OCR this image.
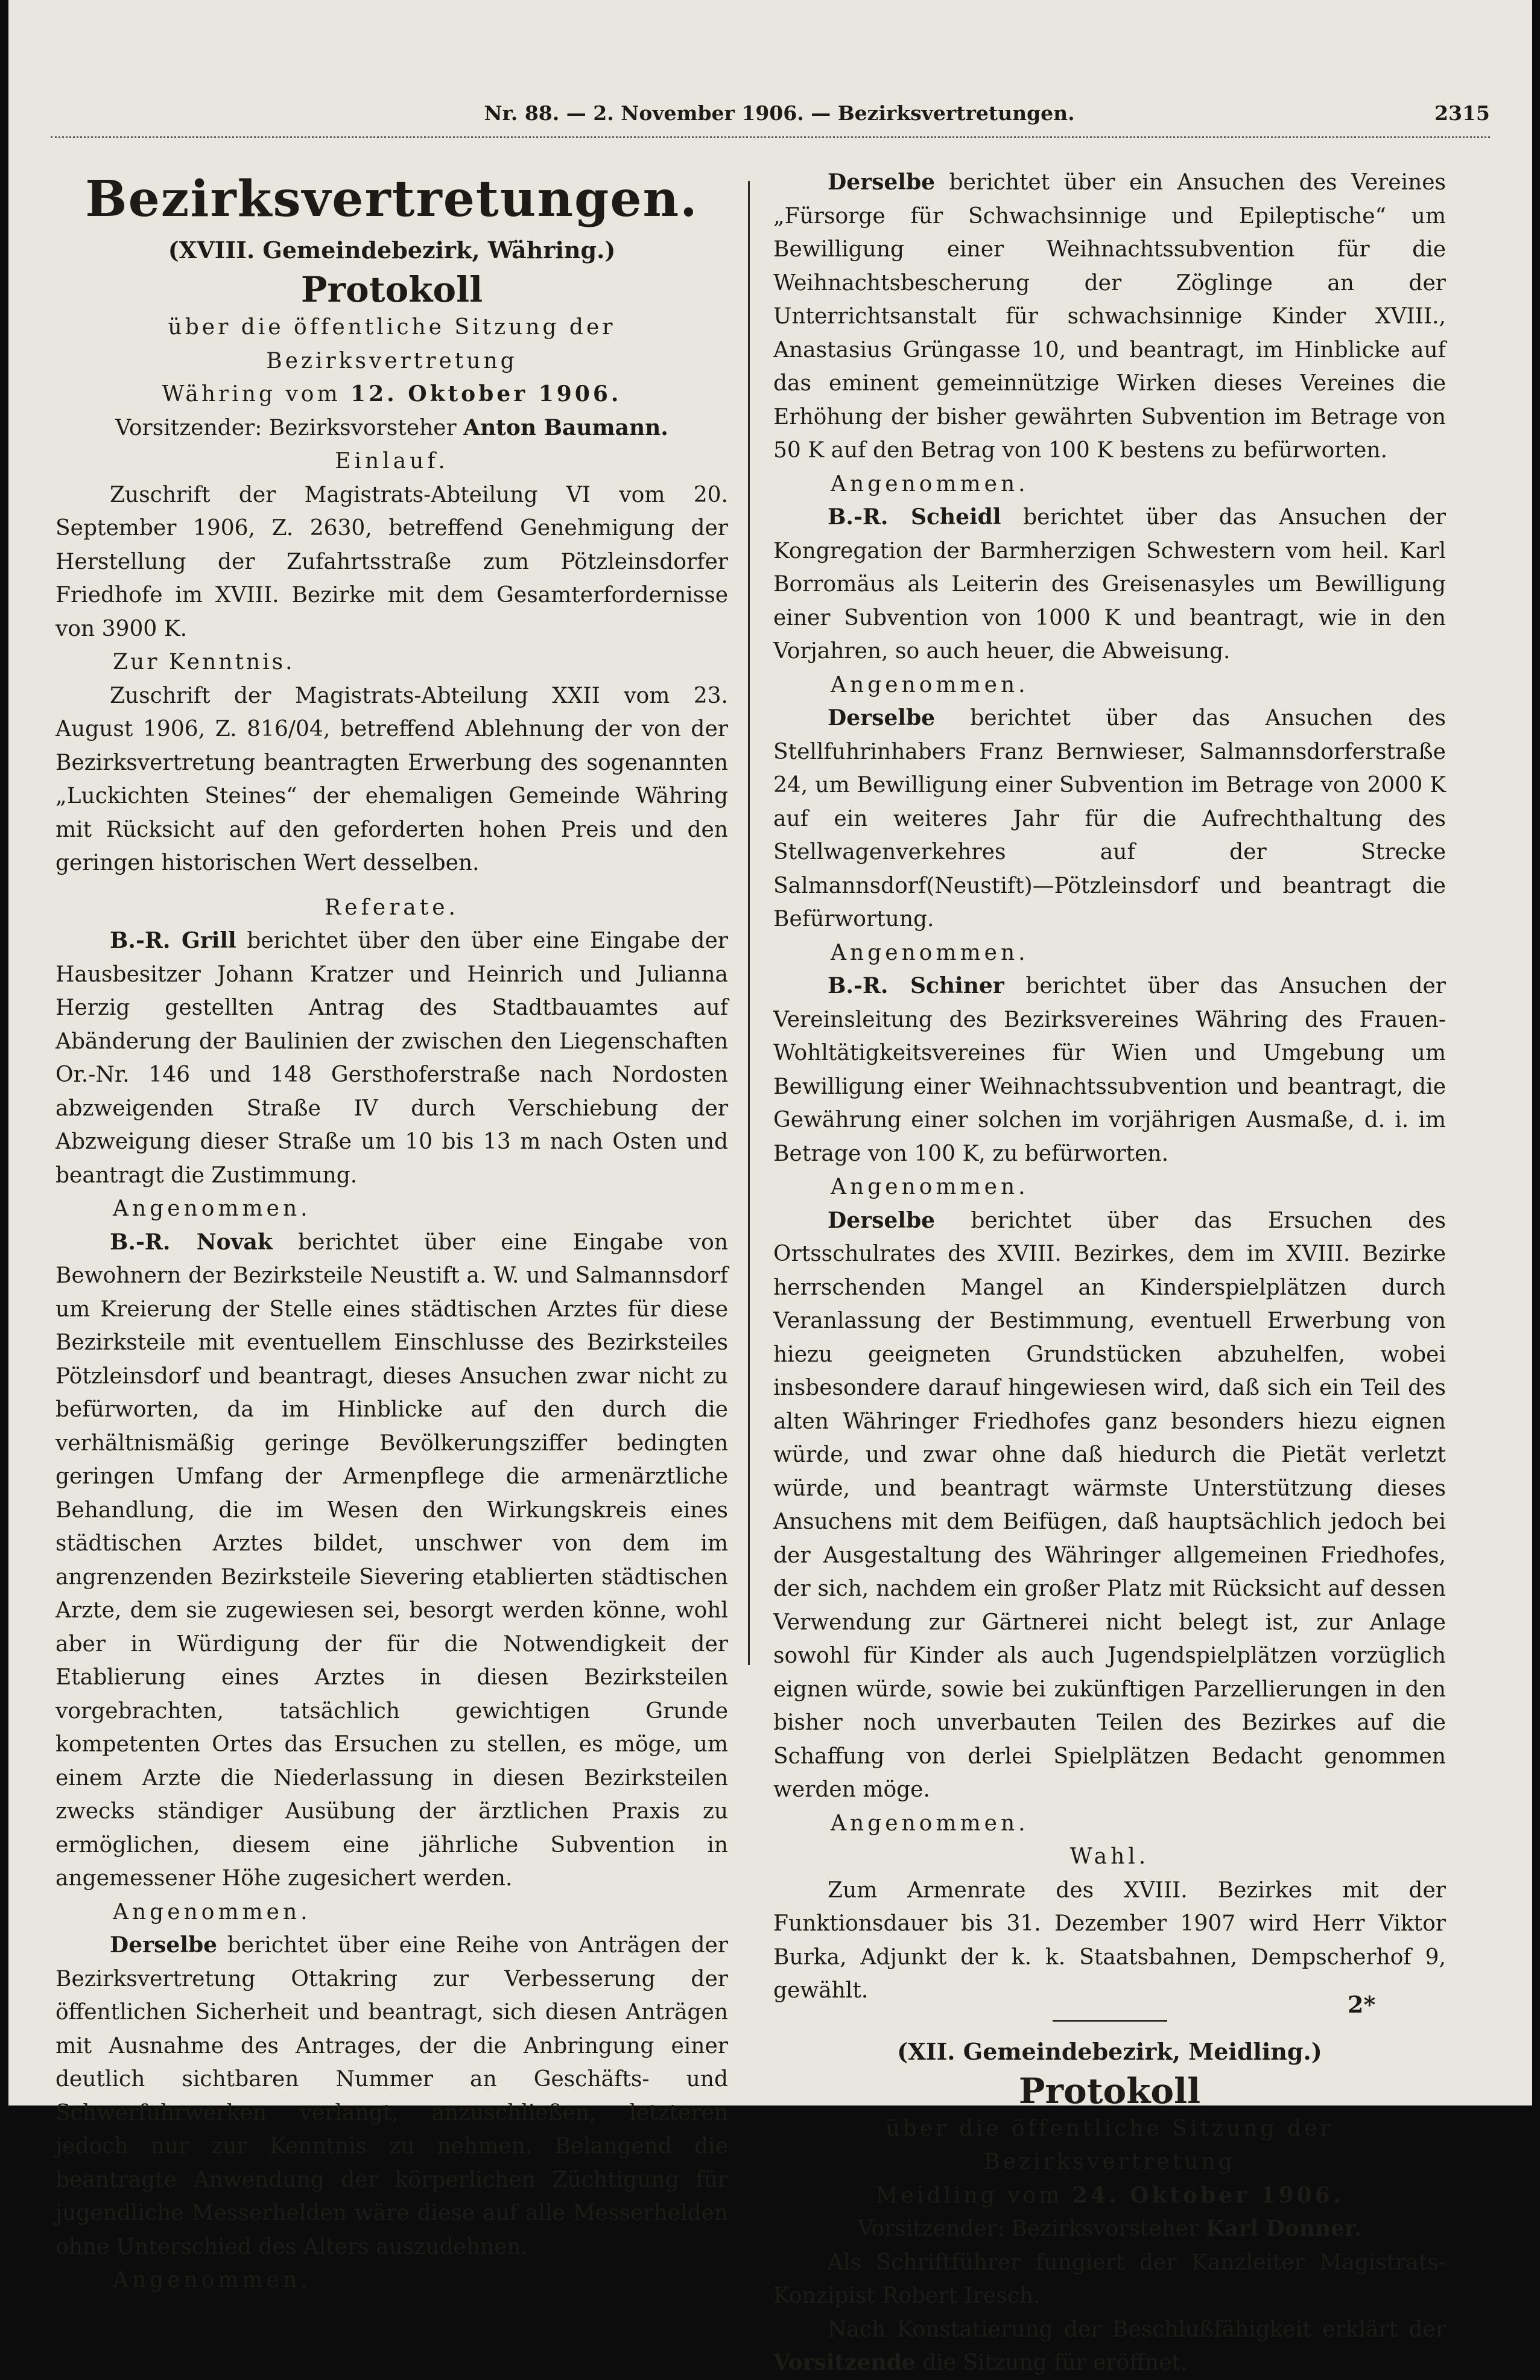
Nr. 88. — 2. November 1906. — Bezirksvertretungen.	2315

Bezirksvertretungen.

(XVIII. Gemeindebezirk, Währing.)

Protokoll

über die öffentliche Sitzung der Bezirksvertretung

Währing vom 12. Oktober 1906.

Vorsitzender: Bezirksvorsteher Anton Baumann.

Einlauf.

Zuschrift der Magistrats-Abteilung VI vom 20. September 1906, Z. 2630, betreffend Genehmigung der Herstellung der Zufahrtsstraße zum Pötzleinsdorfer Friedhofe im XVIII. Bezirke mit dem Gesamterfordernisse von 3900 K.

Zur Kenntnis.

Zuschrift der Magistrats-Abteilung XXII vom 23. August 1906, Z. 816/04, betreffend Ablehnung der von der Bezirksvertretung beantragten Erwerbung des sogenannten „Luckichten Steines“ der ehemaligen Gemeinde Währing mit Rücksicht auf den geforderten hohen Preis und den geringen historischen Wert desselben.

Referate.

B.-R. Grill berichtet über den über eine Eingabe der Hausbesitzer Johann Kratzer und Heinrich und Julianna Herzig gestellten Antrag des Stadtbauamtes auf Abänderung der Baulinien der zwischen den Liegenschaften Or.-Nr. 146 und 148 Gersthoferstraße nach Nordosten abzweigenden Straße IV durch Verschiebung der Abzweigung dieser Straße um 10 bis 13 m nach Osten und beantragt die Zustimmung.

Angenommen.

B.-R. Novak berichtet über eine Eingabe von Bewohnern der Bezirksteile Neustift a. W. und Salmannsdorf um Kreierung der Stelle eines städtischen Arztes für diese Bezirksteile mit eventuellem Einschlusse des Bezirksteiles Pötzleinsdorf und beantragt, dieses Ansuchen zwar nicht zu befürworten, da im Hinblicke auf den durch die verhältnismäßig geringe Bevölkerungsziffer bedingten geringen Umfang der Armenpflege die armenärztliche Behandlung, die im Wesen den Wirkungskreis eines städtischen Arztes bildet, unschwer von dem im angrenzenden Bezirksteile Sievering etablierten städtischen Arzte, dem sie zugewiesen sei, besorgt werden könne, wohl aber in Würdigung der für die Notwendigkeit der Etablierung eines Arztes in diesen Bezirksteilen vorgebrachten, tatsächlich gewichtigen Grunde kompetenten Ortes das Ersuchen zu stellen, es möge, um einem Arzte die Niederlassung in diesen Bezirksteilen zwecks ständiger Ausübung der ärztlichen Praxis zu ermöglichen, diesem eine jährliche Subvention in angemessener Höhe zugesichert werden.

Angenommen.

Derselbe berichtet über eine Reihe von Anträgen der Bezirksvertretung Ottakring zur Verbesserung der öffentlichen Sicherheit und beantragt, sich diesen Anträgen mit Ausnahme des Antrages, der die Anbringung einer deutlich sichtbaren Nummer an Geschäfts- und Schwerfuhrwerken verlangt, anzuschließen, letzteren jedoch nur zur Kenntnis zu nehmen. Belangend die beantragte Anwendung der körperlichen Züchtigung für jugendliche Messerhelden wäre diese auf alle Messerhelden ohne Unterschied des Alters auszudehnen.

Angenommen.

Derselbe berichtet über ein Ansuchen des Vereines „Fürsorge für Schwachsinnige und Epileptische“ um Bewilligung einer Weihnachtssubvention für die Weihnachtsbescherung der Zöglinge an der Unterrichtsanstalt für schwachsinnige Kinder XVIII., Anastasius Grüngasse 10, und beantragt, im Hinblicke auf das eminent gemeinnützige Wirken dieses Vereines die Erhöhung der bisher gewährten Subvention im Betrage von 50 K auf den Betrag von 100 K bestens zu befürworten.

Angenommen.

B.-R. Scheidl berichtet über das Ansuchen der Kongregation der Barmherzigen Schwestern vom heil. Karl Borromäus als Leiterin des Greisenasyles um Bewilligung einer Subvention von 1000 K und beantragt, wie in den Vorjahren, so auch heuer, die Abweisung.

Angenommen.

Derselbe berichtet über das Ansuchen des Stellfuhrinhabers Franz Bernwieser, Salmannsdorferstraße 24, um Bewilligung einer Subvention im Betrage von 2000 K auf ein weiteres Jahr für die Aufrechthaltung des Stellwagenverkehres auf der Strecke Salmannsdorf(Neustift)—Pötzleinsdorf und beantragt die Befürwortung.

Angenommen.

B.-R. Schiner berichtet über das Ansuchen der Vereinsleitung des Bezirksvereines Währing des Frauen-Wohltätigkeitsvereines für Wien und Umgebung um Bewilligung einer Weihnachtssubvention und beantragt, die Gewährung einer solchen im vorjährigen Ausmaße, d. i. im Betrage von 100 K, zu befürworten.

Angenommen.

Derselbe berichtet über das Ersuchen des Ortsschulrates des XVIII. Bezirkes, dem im XVIII. Bezirke herrschenden Mangel an Kinderspielplätzen durch Veranlassung der Bestimmung, eventuell Erwerbung von hiezu geeigneten Grundstücken abzuhelfen, wobei insbesondere darauf hingewiesen wird, daß sich ein Teil des alten Währinger Friedhofes ganz besonders hiezu eignen würde, und zwar ohne daß hiedurch die Pietät verletzt würde, und beantragt wärmste Unterstützung dieses Ansuchens mit dem Beifügen, daß hauptsächlich jedoch bei der Ausgestaltung des Währinger allgemeinen Friedhofes, der sich, nachdem ein großer Platz mit Rücksicht auf dessen Verwendung zur Gärtnerei nicht belegt ist, zur Anlage sowohl für Kinder als auch Jugendspielplätzen vorzüglich eignen würde, sowie bei zukünftigen Parzellierungen in den bisher noch unverbauten Teilen des Bezirkes auf die Schaffung von derlei Spielplätzen Bedacht genommen werden möge.

Angenommen.

Wahl.

Zum Armenrate des XVIII. Bezirkes mit der Funktionsdauer bis 31. Dezember 1907 wird Herr Viktor Burka, Adjunkt der k. k. Staatsbahnen, Dempscherhof 9, gewählt.

(XII. Gemeindebezirk, Meidling.)

Protokoll

über die öffentliche Sitzung der Bezirksvertretung

Meidling vom 24. Oktober 1906.

Vorsitzender: Bezirksvorsteher Karl Donner.

Als Schriftführer fungiert der Kanzleiter Magistrats-Konzipist Robert Iresch.

Nach Konstatierung der Beschlußfähigkeit erklärt der Vorsitzende die Sitzung für eröffnet.

2*
